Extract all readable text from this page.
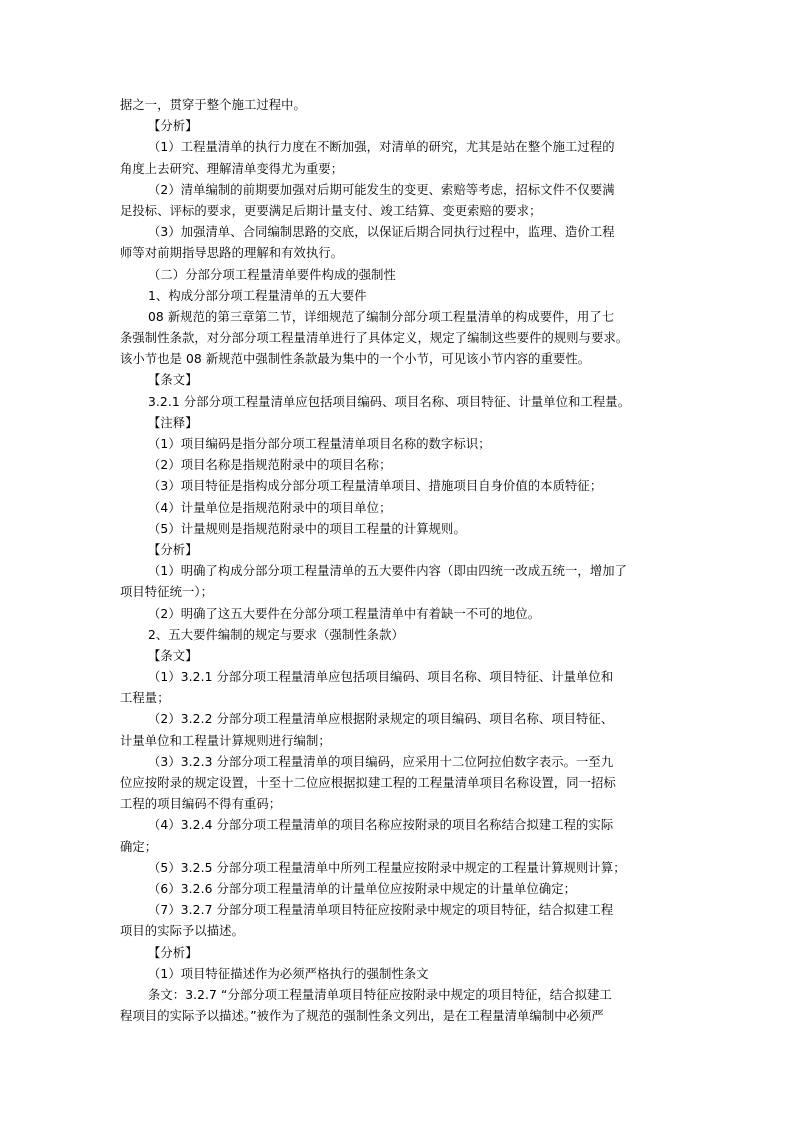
据之一，贯穿于整个施工过程中。
【分析】
（1）工程量清单的执行力度在不断加强，对清单的研究，尤其是站在整个施工过程的
角度上去研究、理解清单变得尤为重要；
（2）清单编制的前期要加强对后期可能发生的变更、索赔等考虑，招标文件不仅要满
足投标、评标的要求，更要满足后期计量支付、竣工结算、变更索赔的要求；
（3）加强清单、合同编制思路的交底，以保证后期合同执行过程中，监理、造价工程
师等对前期指导思路的理解和有效执行。
（二）分部分项工程量清单要件构成的强制性
1、构成分部分项工程量清单的五大要件
08 新规范的第三章第二节，详细规范了编制分部分项工程量清单的构成要件，用了七
条强制性条款，对分部分项工程量清单进行了具体定义，规定了编制这些要件的规则与要求。
该小节也是 08 新规范中强制性条款最为集中的一个小节，可见该小节内容的重要性。
【条文】
3.2.1 分部分项工程量清单应包括项目编码、项目名称、项目特征、计量单位和工程量。
【注释】
（1）项目编码是指分部分项工程量清单项目名称的数字标识；
（2）项目名称是指规范附录中的项目名称；
（3）项目特征是指构成分部分项工程量清单项目、措施项目自身价值的本质特征；
（4）计量单位是指规范附录中的项目单位；
（5）计量规则是指规范附录中的项目工程量的计算规则。
【分析】
（1）明确了构成分部分项工程量清单的五大要件内容（即由四统一改成五统一，增加了
项目特征统一）；
（2）明确了这五大要件在分部分项工程量清单中有着缺一不可的地位。
2、五大要件编制的规定与要求（强制性条款）
【条文】
（1）3.2.1 分部分项工程量清单应包括项目编码、项目名称、项目特征、计量单位和
工程量；
（2）3.2.2 分部分项工程量清单应根据附录规定的项目编码、项目名称、项目特征、
计量单位和工程量计算规则进行编制；
（3）3.2.3 分部分项工程量清单的项目编码，应采用十二位阿拉伯数字表示。一至九
位应按附录的规定设置，十至十二位应根据拟建工程的工程量清单项目名称设置，同一招标
工程的项目编码不得有重码；
（4）3.2.4 分部分项工程量清单的项目名称应按附录的项目名称结合拟建工程的实际
确定；
（5）3.2.5 分部分项工程量清单中所列工程量应按附录中规定的工程量计算规则计算；
（6）3.2.6 分部分项工程量清单的计量单位应按附录中规定的计量单位确定；
（7）3.2.7 分部分项工程量清单项目特征应按附录中规定的项目特征，结合拟建工程
项目的实际予以描述。
【分析】
（1）项目特征描述作为必须严格执行的强制性条文
条文：3.2.7 “分部分项工程量清单项目特征应按附录中规定的项目特征，结合拟建工
程项目的实际予以描述。”被作为了规范的强制性条文列出，是在工程量清单编制中必须严
